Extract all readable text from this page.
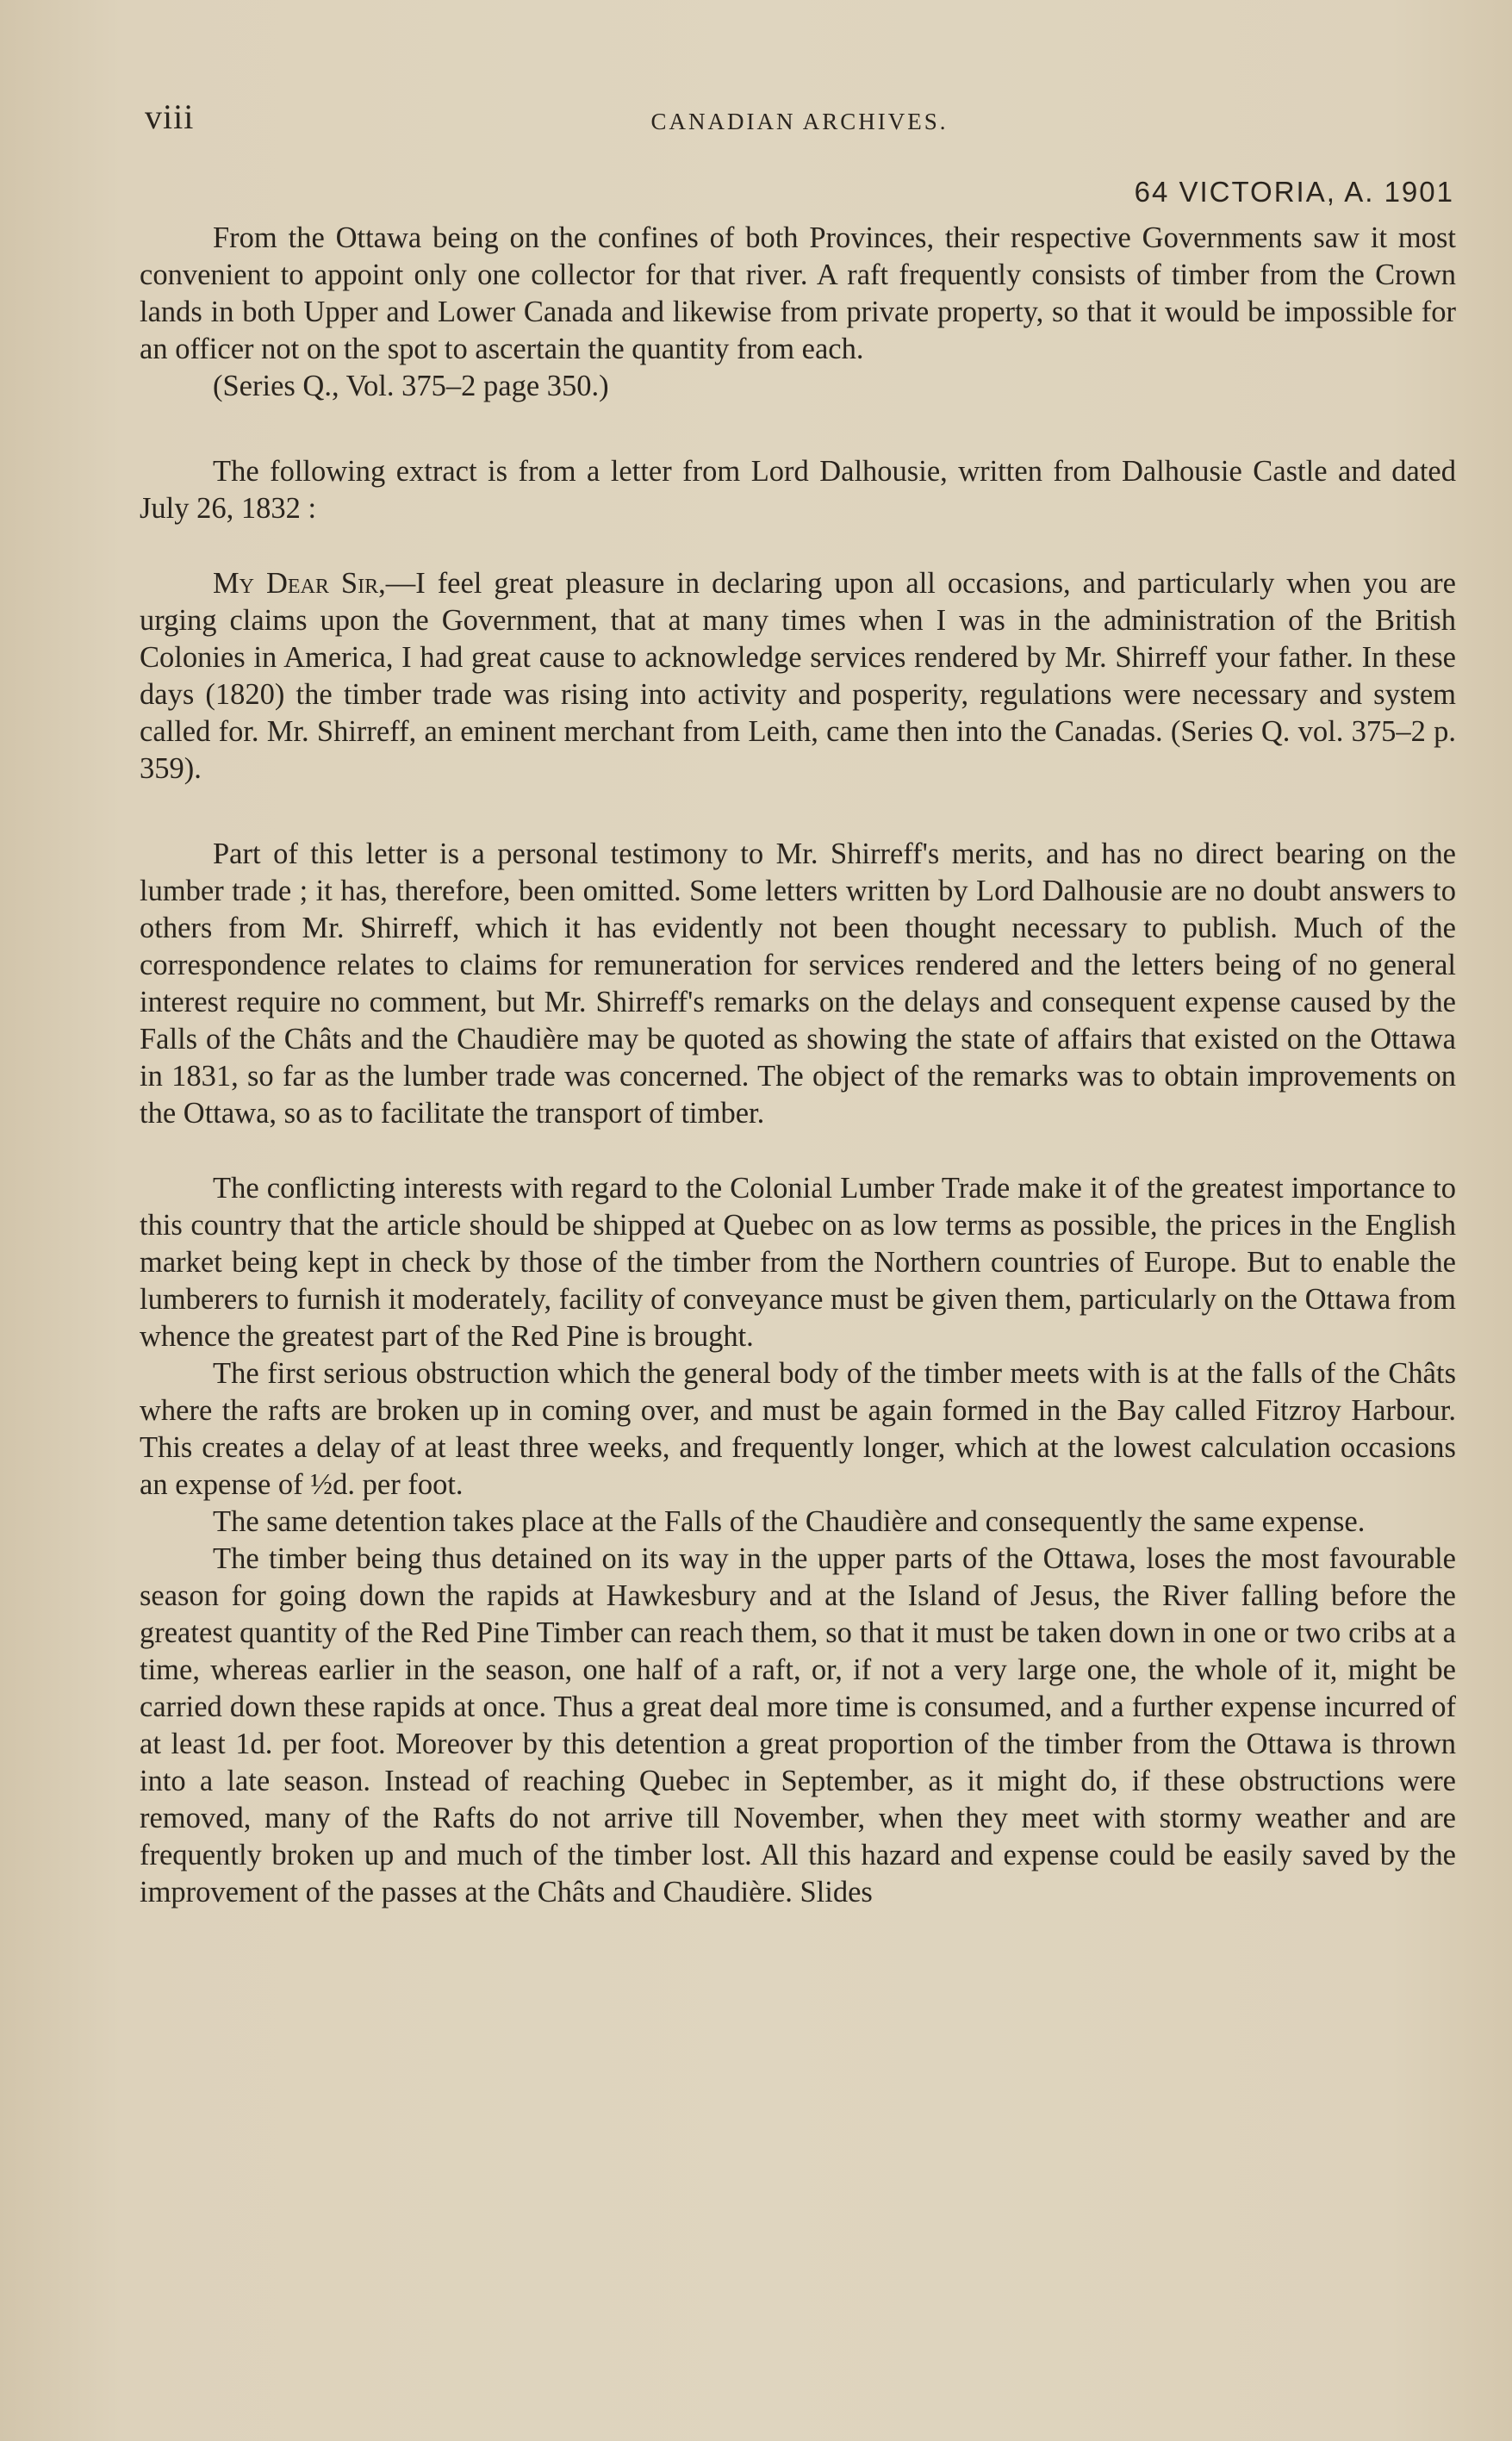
viii	CANADIAN ARCHIVES.
64 VICTORIA, A. 1901

From the Ottawa being on the confines of both Provinces, their respective Governments saw it most convenient to appoint only one collector for that river. A raft frequently consists of timber from the Crown lands in both Upper and Lower Canada and likewise from private property, so that it would be impossible for an officer not on the spot to ascertain the quantity from each.

(Series Q., Vol. 375–2 page 350.)

The following extract is from a letter from Lord Dalhousie, written from Dalhousie Castle and dated July 26, 1832 :

My Dear Sir,—I feel great pleasure in declaring upon all occasions, and particularly when you are urging claims upon the Government, that at many times when I was in the administration of the British Colonies in America, I had great cause to acknowledge services rendered by Mr. Shirreff your father. In these days (1820) the timber trade was rising into activity and posperity, regulations were necessary and system called for. Mr. Shirreff, an eminent merchant from Leith, came then into the Canadas. (Series Q. vol. 375–2 p. 359).

Part of this letter is a personal testimony to Mr. Shirreff's merits, and has no direct bearing on the lumber trade ; it has, therefore, been omitted. Some letters written by Lord Dalhousie are no doubt answers to others from Mr. Shirreff, which it has evidently not been thought necessary to publish. Much of the correspondence relates to claims for remuneration for services rendered and the letters being of no general interest require no comment, but Mr. Shirreff's remarks on the delays and consequent expense caused by the Falls of the Châts and the Chaudière may be quoted as showing the state of affairs that existed on the Ottawa in 1831, so far as the lumber trade was concerned. The object of the remarks was to obtain improvements on the Ottawa, so as to facilitate the transport of timber.

The conflicting interests with regard to the Colonial Lumber Trade make it of the greatest importance to this country that the article should be shipped at Quebec on as low terms as possible, the prices in the English market being kept in check by those of the timber from the Northern countries of Europe. But to enable the lumberers to furnish it moderately, facility of conveyance must be given them, particularly on the Ottawa from whence the greatest part of the Red Pine is brought.

The first serious obstruction which the general body of the timber meets with is at the falls of the Châts where the rafts are broken up in coming over, and must be again formed in the Bay called Fitzroy Harbour. This creates a delay of at least three weeks, and frequently longer, which at the lowest calculation occasions an expense of ½d. per foot.

The same detention takes place at the Falls of the Chaudière and consequently the same expense.

The timber being thus detained on its way in the upper parts of the Ottawa, loses the most favourable season for going down the rapids at Hawkesbury and at the Island of Jesus, the River falling before the greatest quantity of the Red Pine Timber can reach them, so that it must be taken down in one or two cribs at a time, whereas earlier in the season, one half of a raft, or, if not a very large one, the whole of it, might be carried down these rapids at once. Thus a great deal more time is consumed, and a further expense incurred of at least 1d. per foot. Moreover by this detention a great proportion of the timber from the Ottawa is thrown into a late season. Instead of reaching Quebec in September, as it might do, if these obstructions were removed, many of the Rafts do not arrive till November, when they meet with stormy weather and are frequently broken up and much of the timber lost. All this hazard and expense could be easily saved by the improvement of the passes at the Châts and Chaudière. Slides
